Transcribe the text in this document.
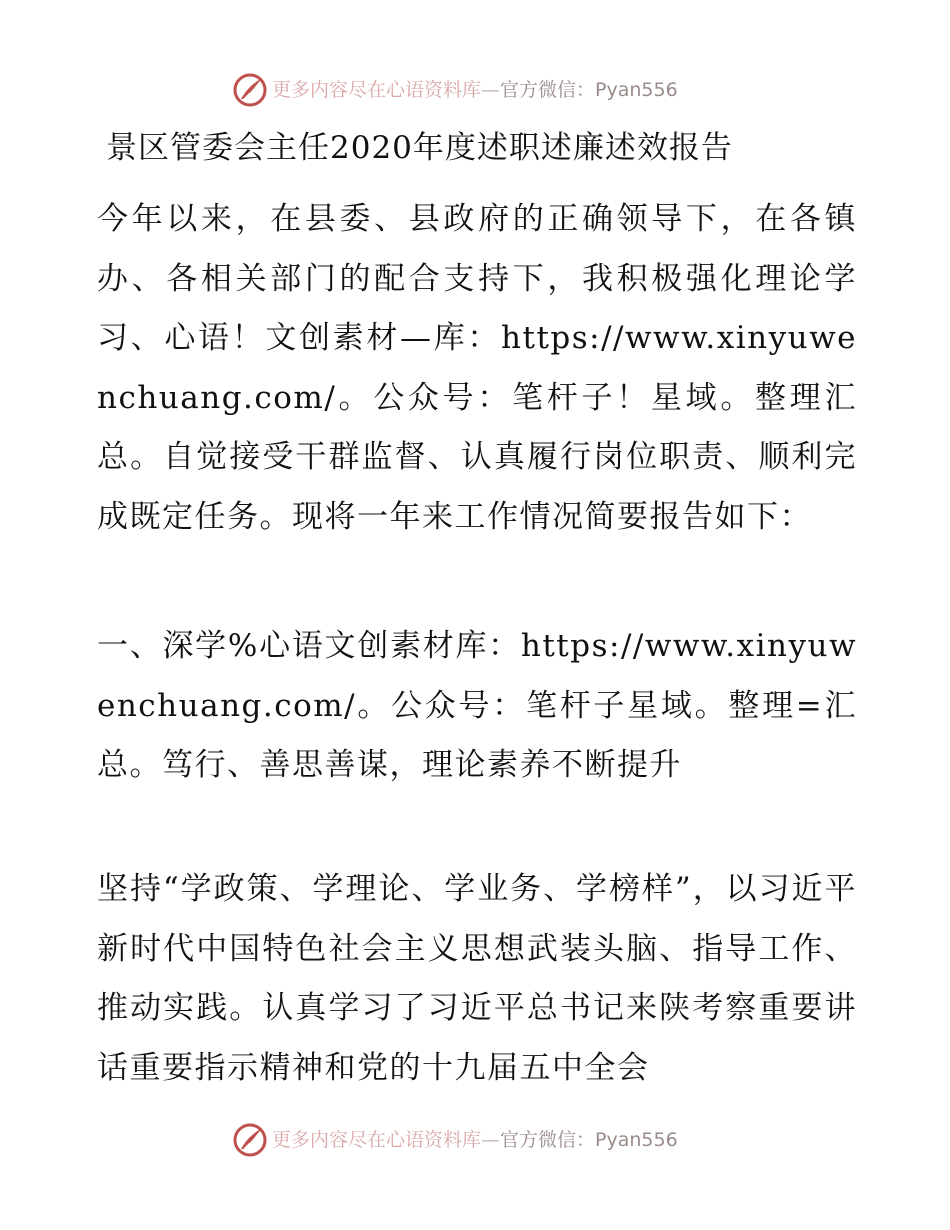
更多内容尽在心语资料库—官方微信：Pyan556
景区管委会主任2020年度述职述廉述效报告

今年以来，在县委、县政府的正确领导下，在各镇办、各相关部门的配合支持下，我积极强化理论学习、心语！文创素材—库：https://www.xinyuwenchuang.com/。公众号：笔杆子！星域。整理汇总。自觉接受干群监督、认真履行岗位职责、顺利完成既定任务。现将一年来工作情况简要报告如下：

一、深学%心语文创素材库：https://www.xinyuwenchuang.com/。公众号：笔杆子星域。整理=汇总。笃行、善思善谋，理论素养不断提升

坚持“学政策、学理论、学业务、学榜样”，以习近平新时代中国特色社会主义思想武装头脑、指导工作、推动实践。认真学习了习近平总书记来陕考察重要讲话重要指示精神和党的十九届五中全会

更多内容尽在心语资料库—官方微信：Pyan556
